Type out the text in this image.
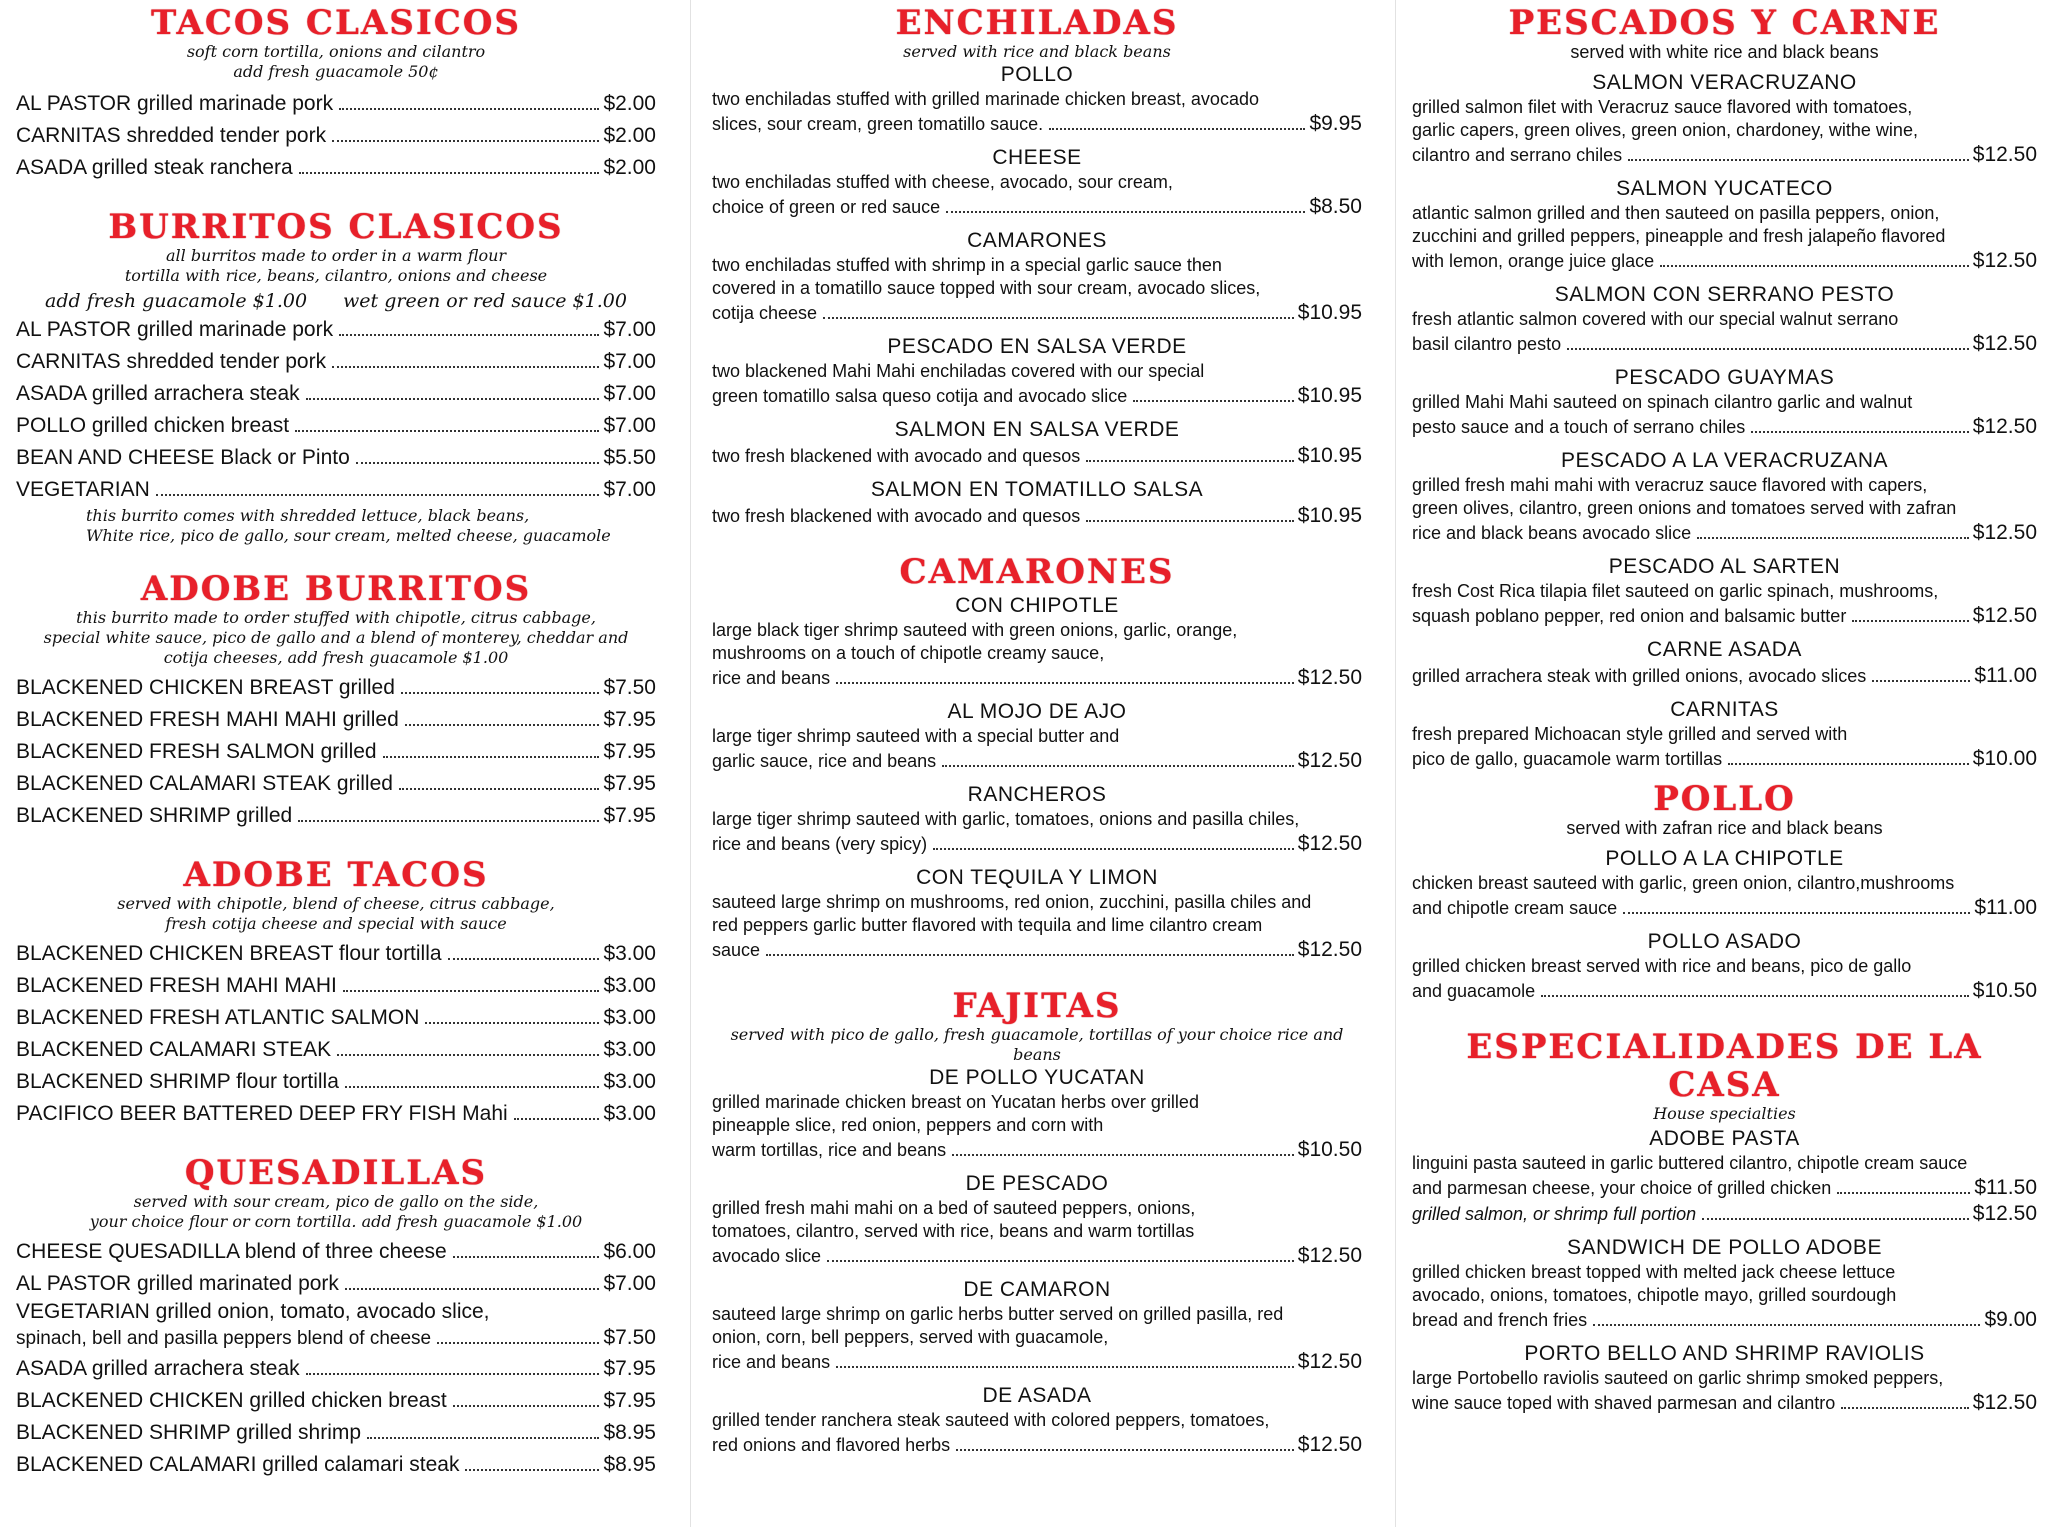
TACOS CLASICOS
soft corn tortilla, onions and cilantro
add fresh guacamole 50¢
AL PASTOR grilled marinade pork	$2.00
CARNITAS shredded tender pork	$2.00
ASADA grilled steak ranchera	$2.00
BURRITOS CLASICOS
all burritos made to order in a warm flour
tortilla with rice, beans, cilantro, onions and cheese
add fresh guacamole $1.00 wet green or red sauce $1.00
AL PASTOR grilled marinade pork	$7.00
CARNITAS shredded tender pork	$7.00
ASADA grilled arrachera steak	$7.00
POLLO grilled chicken breast	$7.00
BEAN AND CHEESE Black or Pinto	$5.50
VEGETARIAN	$7.00
this burrito comes with shredded lettuce, black beans,
White rice, pico de gallo, sour cream, melted cheese, guacamole
ADOBE BURRITOS
this burrito made to order stuffed with chipotle, citrus cabbage,
special white sauce, pico de gallo and a blend of monterey, cheddar and
cotija cheeses, add fresh guacamole $1.00
BLACKENED CHICKEN BREAST grilled	$7.50
BLACKENED FRESH MAHI MAHI grilled	$7.95
BLACKENED FRESH SALMON grilled	$7.95
BLACKENED CALAMARI STEAK grilled	$7.95
BLACKENED SHRIMP grilled	$7.95
ADOBE TACOS
served with chipotle, blend of cheese, citrus cabbage,
fresh cotija cheese and special with sauce
BLACKENED CHICKEN BREAST flour tortilla	$3.00
BLACKENED FRESH MAHI MAHI	$3.00
BLACKENED FRESH ATLANTIC SALMON	$3.00
BLACKENED CALAMARI STEAK	$3.00
BLACKENED SHRIMP flour tortilla	$3.00
PACIFICO BEER BATTERED DEEP FRY FISH Mahi	$3.00
QUESADILLAS
served with sour cream, pico de gallo on the side,
your choice flour or corn tortilla. add fresh guacamole $1.00
CHEESE QUESADILLA blend of three cheese	$6.00
AL PASTOR grilled marinated pork	$7.00
VEGETARIAN grilled onion, tomato, avocado slice,
spinach, bell and pasilla peppers blend of cheese	$7.50
ASADA grilled arrachera steak	$7.95
BLACKENED CHICKEN grilled chicken breast	$7.95
BLACKENED SHRIMP grilled shrimp	$8.95
BLACKENED CALAMARI grilled calamari steak	$8.95
ENCHILADAS
served with rice and black beans
POLLO
two enchiladas stuffed with grilled marinade chicken breast, avocado
slices, sour cream, green tomatillo sauce.	$9.95
CHEESE
two enchiladas stuffed with cheese, avocado, sour cream,
choice of green or red sauce	$8.50
CAMARONES
two enchiladas stuffed with shrimp in a special garlic sauce then
covered in a tomatillo sauce topped with sour cream, avocado slices,
cotija cheese	$10.95
PESCADO EN SALSA VERDE
two blackened Mahi Mahi enchiladas covered with our special
green tomatillo salsa queso cotija and avocado slice	$10.95
SALMON EN SALSA VERDE
two fresh blackened with avocado and quesos	$10.95
SALMON EN TOMATILLO SALSA
two fresh blackened with avocado and quesos	$10.95
CAMARONES
CON CHIPOTLE
large black tiger shrimp sauteed with green onions, garlic, orange,
mushrooms on a touch of chipotle creamy sauce,
rice and beans	$12.50
AL MOJO DE AJO
large tiger shrimp sauteed with a special butter and
garlic sauce, rice and beans	$12.50
RANCHEROS
large tiger shrimp sauteed with garlic, tomatoes, onions and pasilla chiles,
rice and beans (very spicy)	$12.50
CON TEQUILA Y LIMON
sauteed large shrimp on mushrooms, red onion, zucchini, pasilla chiles and
red peppers garlic butter flavored with tequila and lime cilantro cream
sauce	$12.50
FAJITAS
served with pico de gallo, fresh guacamole, tortillas of your choice rice and beans
DE POLLO YUCATAN
grilled marinade chicken breast on Yucatan herbs over grilled
pineapple slice, red onion, peppers and corn with
warm tortillas, rice and beans	$10.50
DE PESCADO
grilled fresh mahi mahi on a bed of sauteed peppers, onions,
tomatoes, cilantro, served with rice, beans and warm tortillas
avocado slice	$12.50
DE CAMARON
sauteed large shrimp on garlic herbs butter served on grilled pasilla, red
onion, corn, bell peppers, served with guacamole,
rice and beans	$12.50
DE ASADA
grilled tender ranchera steak sauteed with colored peppers, tomatoes,
red onions and flavored herbs	$12.50
PESCADOS Y CARNE
served with white rice and black beans
SALMON VERACRUZANO
grilled salmon filet with Veracruz sauce flavored with tomatoes,
garlic capers, green olives, green onion, chardoney, withe wine,
cilantro and serrano chiles	$12.50
SALMON YUCATECO
atlantic salmon grilled and then sauteed on pasilla peppers, onion,
zucchini and grilled peppers, pineapple and fresh jalapeño flavored
with lemon, orange juice glace	$12.50
SALMON CON SERRANO PESTO
fresh atlantic salmon covered with our special walnut serrano
basil cilantro pesto	$12.50
PESCADO GUAYMAS
grilled Mahi Mahi sauteed on spinach cilantro garlic and walnut
pesto sauce and a touch of serrano chiles	$12.50
PESCADO A LA VERACRUZANA
grilled fresh mahi mahi with veracruz sauce flavored with capers,
green olives, cilantro, green onions and tomatoes served with zafran
rice and black beans avocado slice	$12.50
PESCADO AL SARTEN
fresh Cost Rica tilapia filet sauteed on garlic spinach, mushrooms,
squash poblano pepper, red onion and balsamic butter	$12.50
CARNE ASADA
grilled arrachera steak with grilled onions, avocado slices	$11.00
CARNITAS
fresh prepared Michoacan style grilled and served with
pico de gallo, guacamole warm tortillas	$10.00
POLLO
served with zafran rice and black beans
POLLO A LA CHIPOTLE
chicken breast sauteed with garlic, green onion, cilantro,mushrooms
and chipotle cream sauce	$11.00
POLLO ASADO
grilled chicken breast served with rice and beans, pico de gallo
and guacamole	$10.50
ESPECIALIDADES DE LA CASA
House specialties
ADOBE PASTA
linguini pasta sauteed in garlic buttered cilantro, chipotle cream sauce
and parmesan cheese, your choice of grilled chicken	$11.50
grilled salmon, or shrimp full portion	$12.50
SANDWICH DE POLLO ADOBE
grilled chicken breast topped with melted jack cheese lettuce
avocado, onions, tomatoes, chipotle mayo, grilled sourdough
bread and french fries	$9.00
PORTO BELLO AND SHRIMP RAVIOLIS
large Portobello raviolis sauteed on garlic shrimp smoked peppers,
wine sauce toped with shaved parmesan and cilantro	$12.50
